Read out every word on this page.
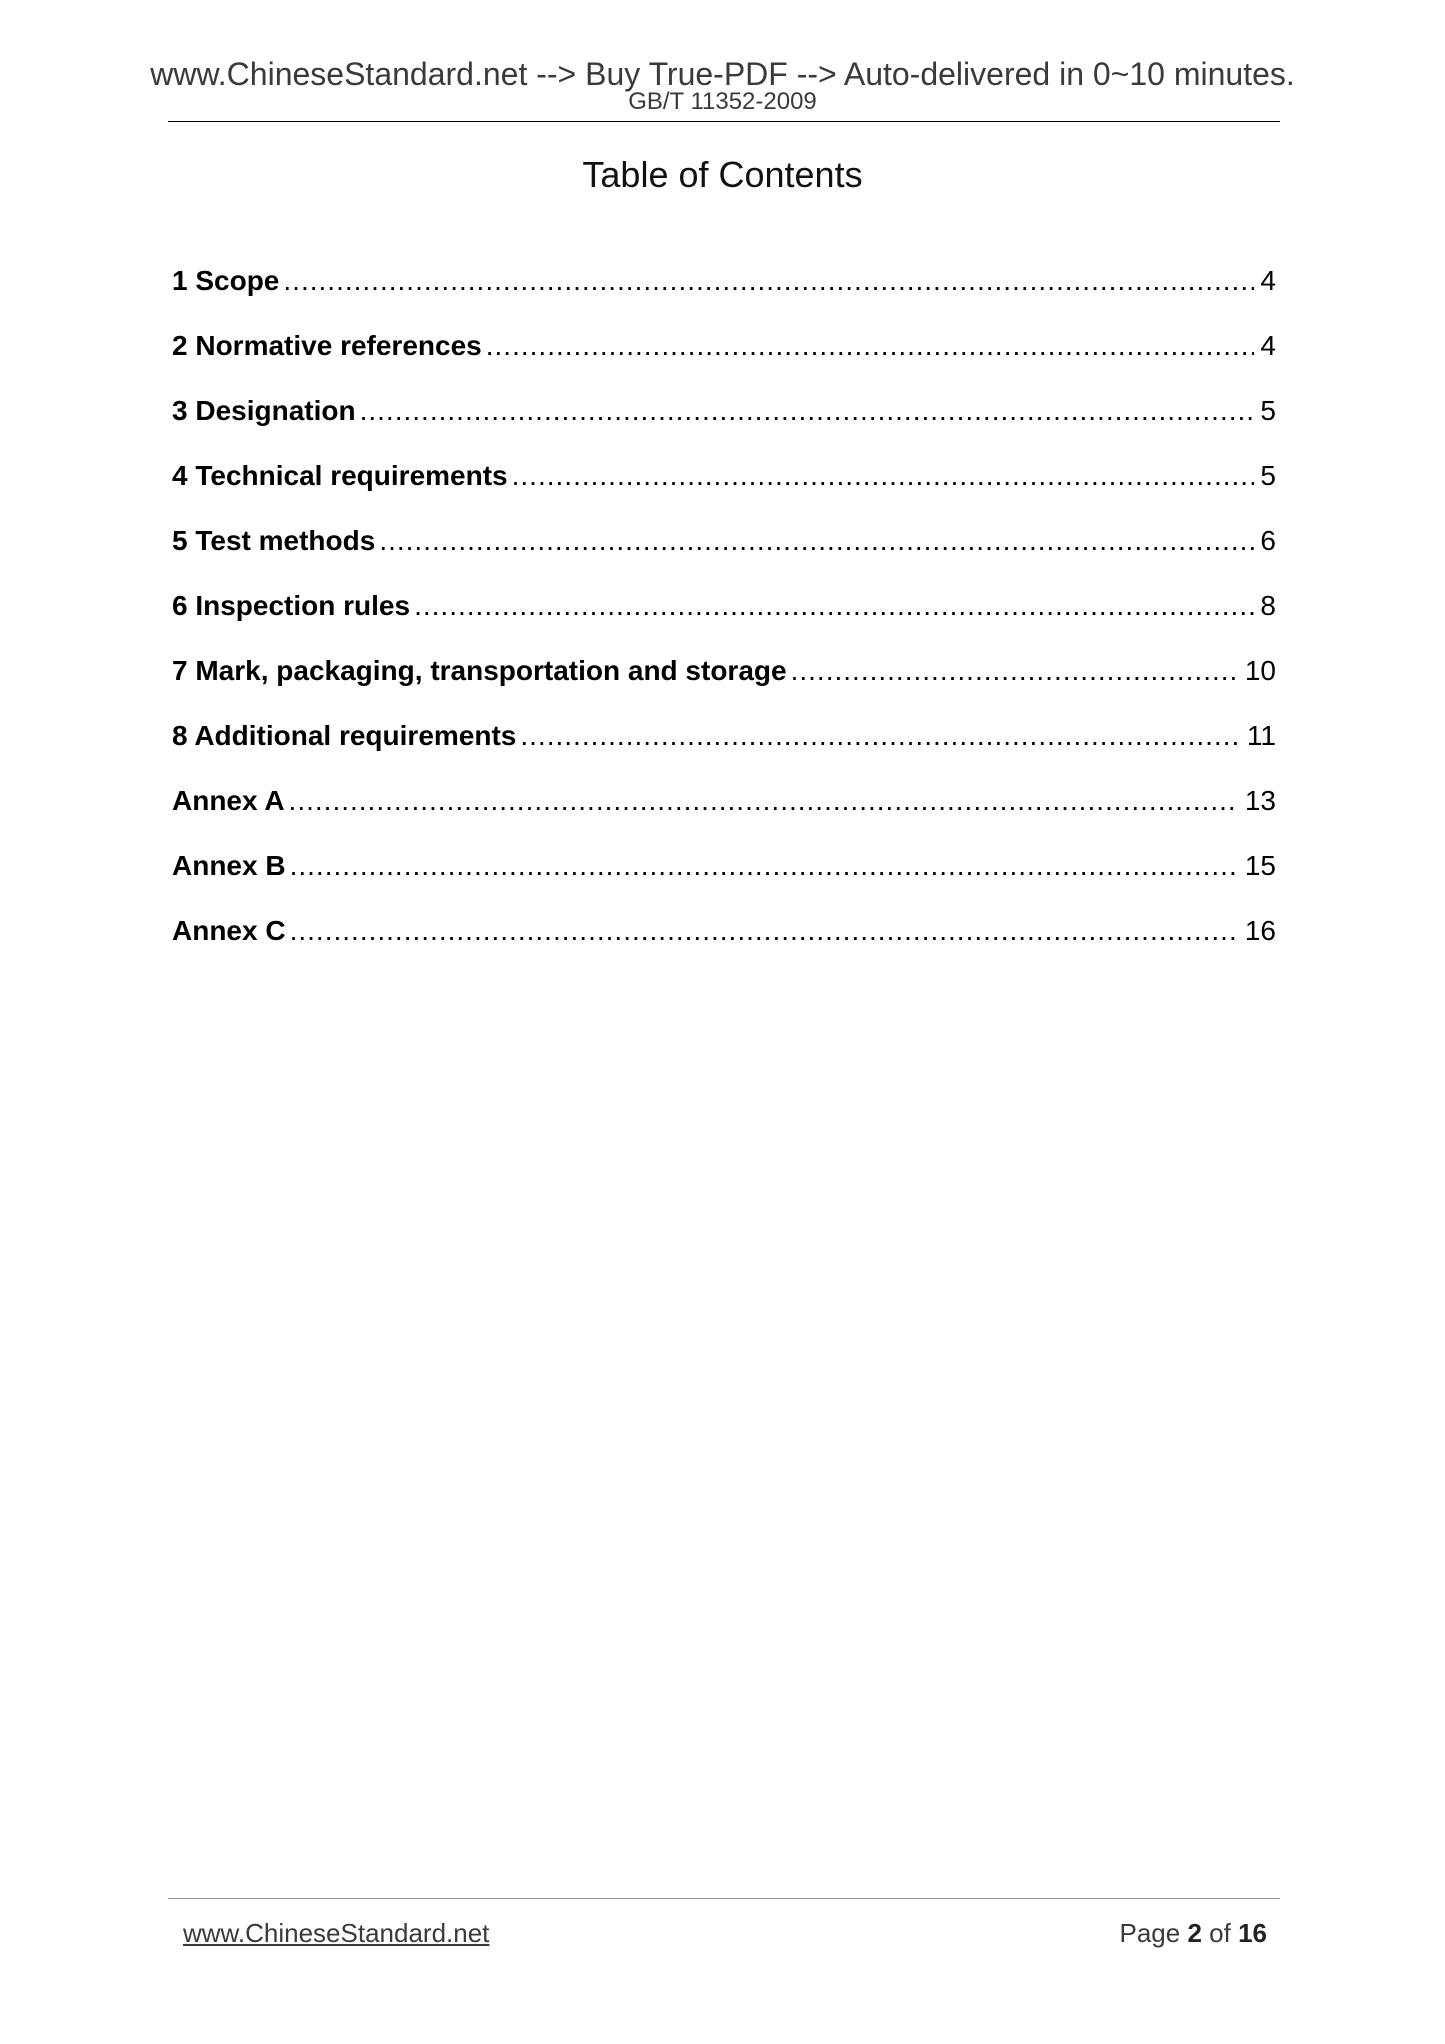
www.ChineseStandard.net --> Buy True-PDF --> Auto-delivered in 0~10 minutes.
GB/T 11352-2009
Table of Contents
1 Scope .....	4
2 Normative references .....	4
3 Designation .....	5
4 Technical requirements .....	5
5 Test methods .....	6
6 Inspection rules .....	8
7 Mark, packaging, transportation and storage .....	10
8 Additional requirements .....	11
Annex A .....	13
Annex B .....	15
Annex C .....	16
www.ChineseStandard.net	Page 2 of 16
